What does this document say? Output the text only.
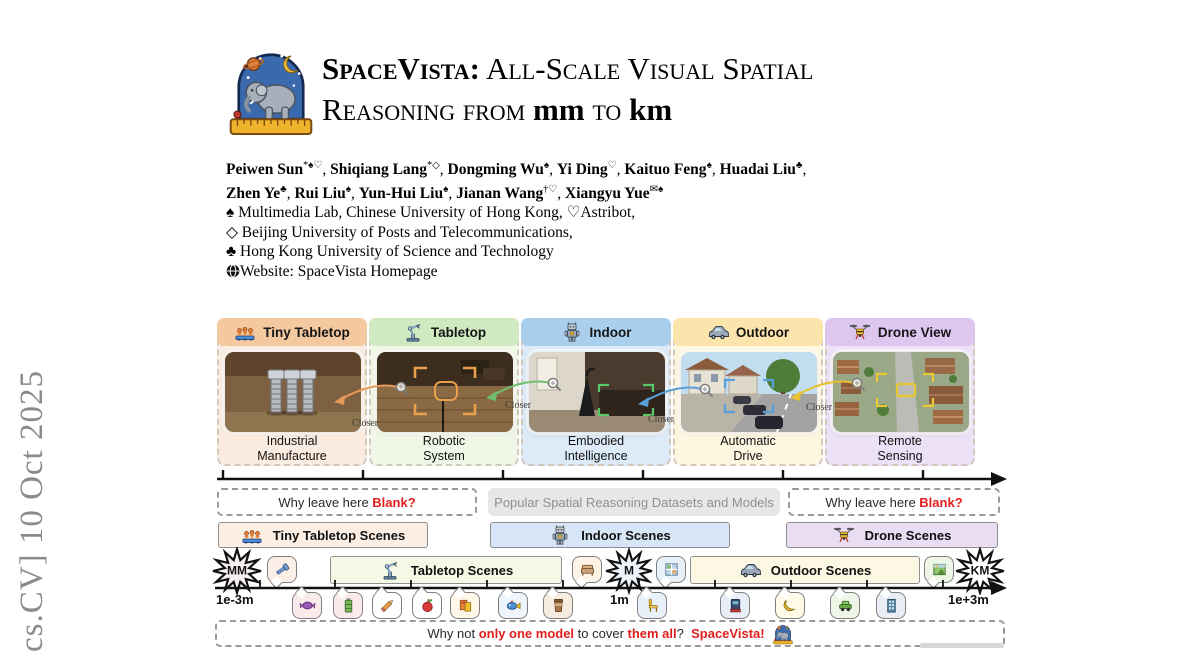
cs.CV] 10 Oct 2025
SpaceVista: All-Scale Visual Spatial
Reasoning from mm to km
Peiwen Sun*♠♡, Shiqiang Lang*◇, Dongming Wu♠, Yi Ding♡, Kaituo Feng♠, Huadai Liu♣,
Zhen Ye♣, Rui Liu♠, Yun-Hui Liu♠, Jianan Wang†♡, Xiangyu Yue✉♠
♠ Multimedia Lab, Chinese University of Hong Kong, ♡Astribot,
◇ Beijing University of Posts and Telecommunications,
♣ Hong Kong University of Science and Technology
Website: SpaceVista Homepage
Tiny Tabletop
Industrial
Manufacture
Tabletop
Robotic
System
Indoor
Embodied
Intelligence
Outdoor
Automatic
Drive
Drone View
Remote
Sensing
Closer
Closer
Closer
Closer
Why leave here Blank?	Popular Spatial Reasoning Datasets and Models	Why leave here Blank?
Tiny Tabletop Scenes	Indoor Scenes	Drone Scenes
MM	Tabletop Scenes	M	Outdoor Scenes	KM
1e-3m	1m	1e+3m
Why not only one model to cover them all ? SpaceVista!
